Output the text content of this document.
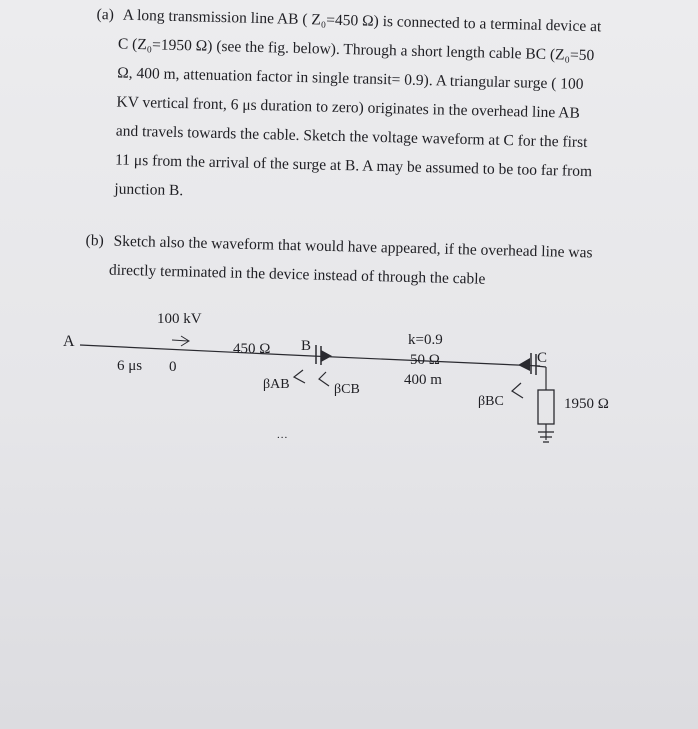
(a) A long transmission line AB ( Z₀=450 Ω) is connected to a terminal device at
C (Z₀=1950 Ω) (see the fig. below). Through a short length cable BC (Z₀=50
Ω, 400 m, attenuation factor in single transit= 0.9). A triangular surge ( 100
KV vertical front, 6 μs duration to zero) originates in the overhead line AB
and travels towards the cable. Sketch the voltage waveform at C for the first
11 μs from the arrival of the surge at B. A may be assumed to be too far from
junction B.
(b) Sketch also the waveform that would have appeared, if the overhead line was
directly terminated in the device instead of through the cable
A
100 kV
6 μs 0
450 Ω B
βAB	βCB
...
k=0.9
50 Ω
400 m
C
βBC	1950 Ω
